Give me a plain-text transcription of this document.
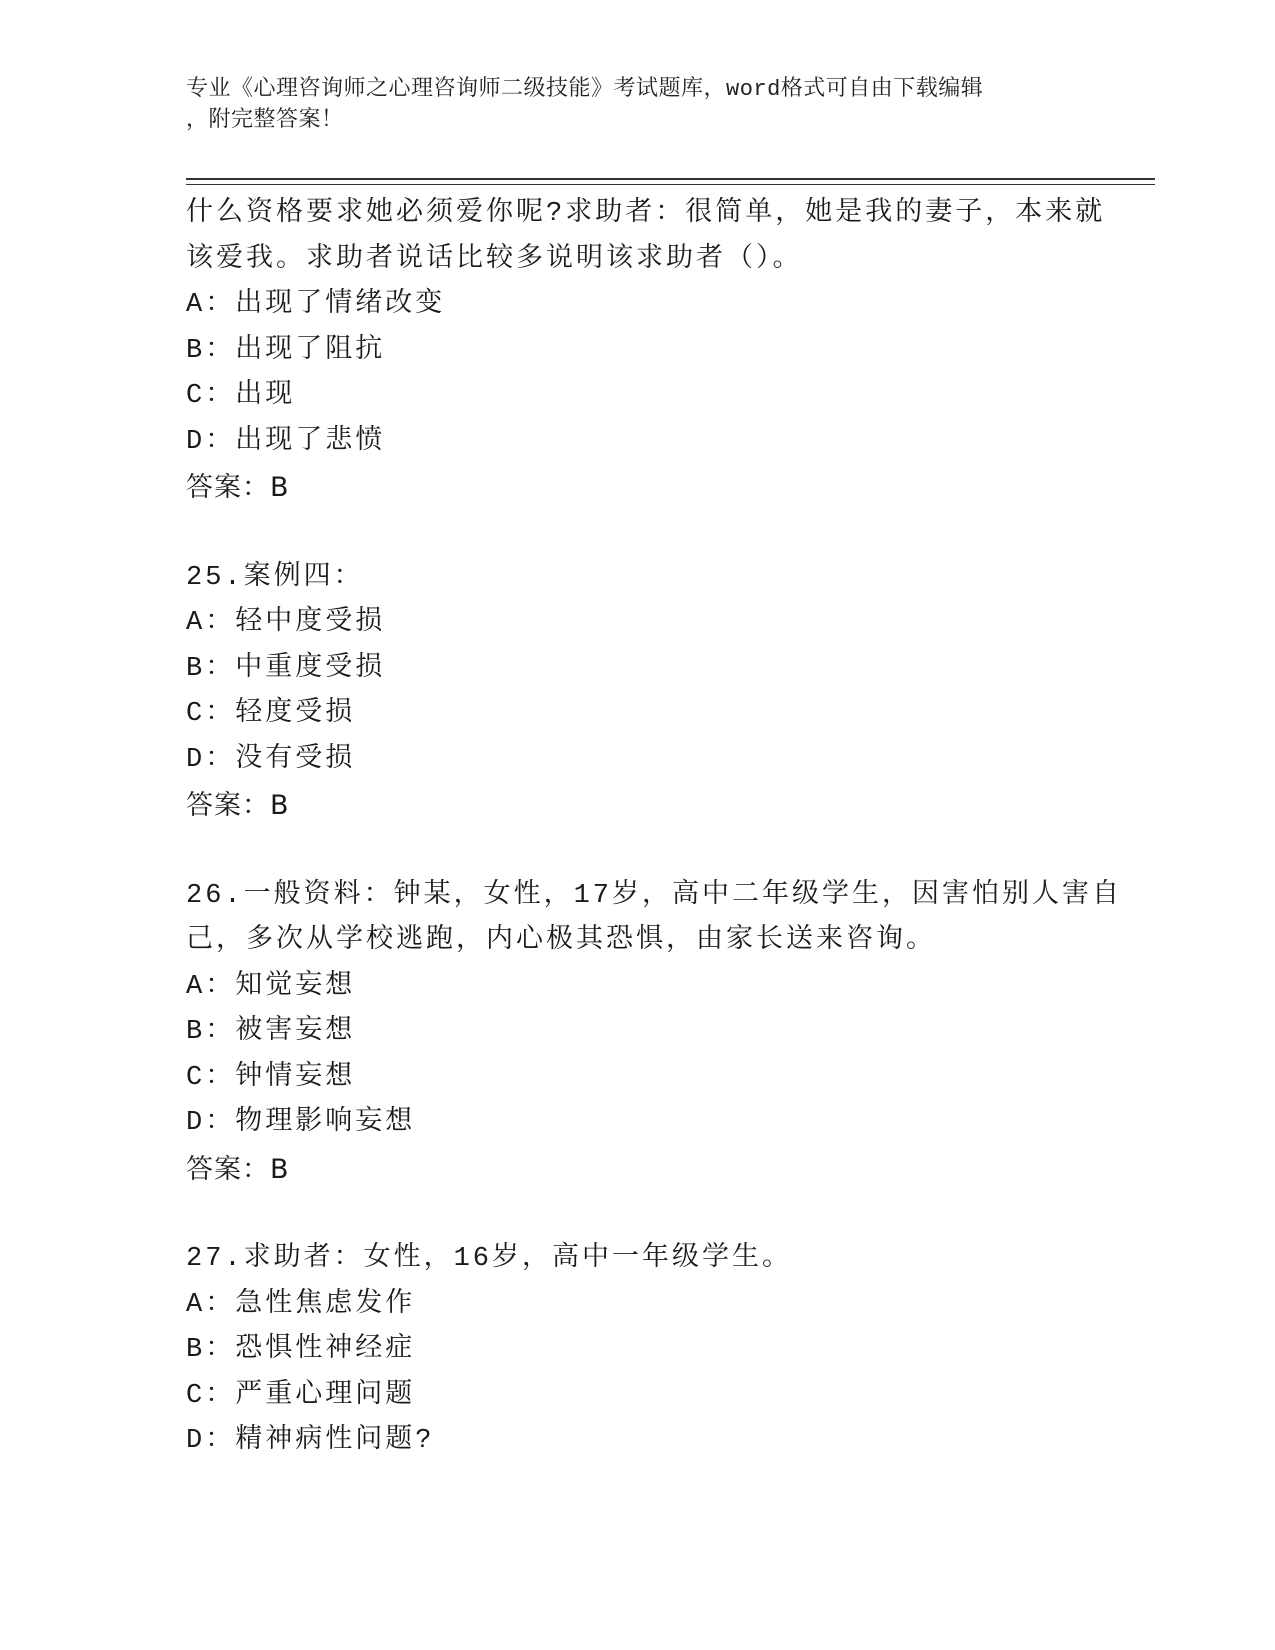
专业《心理咨询师之心理咨询师二级技能》考试题库，word格式可自由下载编辑
，附完整答案！
什么资格要求她必须爱你呢?求助者：很简单，她是我的妻子，本来就
该爱我。求助者说话比较多说明该求助者（）。
A：出现了情绪改变
B：出现了阻抗
C：出现
D：出现了悲愤
答案：B
25.案例四：
A：轻中度受损
B：中重度受损
C：轻度受损
D：没有受损
答案：B
26.一般资料：钟某，女性，17岁，高中二年级学生，因害怕别人害自
己，多次从学校逃跑，内心极其恐惧，由家长送来咨询。
A：知觉妄想
B：被害妄想
C：钟情妄想
D：物理影响妄想
答案：B
27.求助者：女性，16岁，高中一年级学生。
A：急性焦虑发作
B：恐惧性神经症
C：严重心理问题
D：精神病性问题?
